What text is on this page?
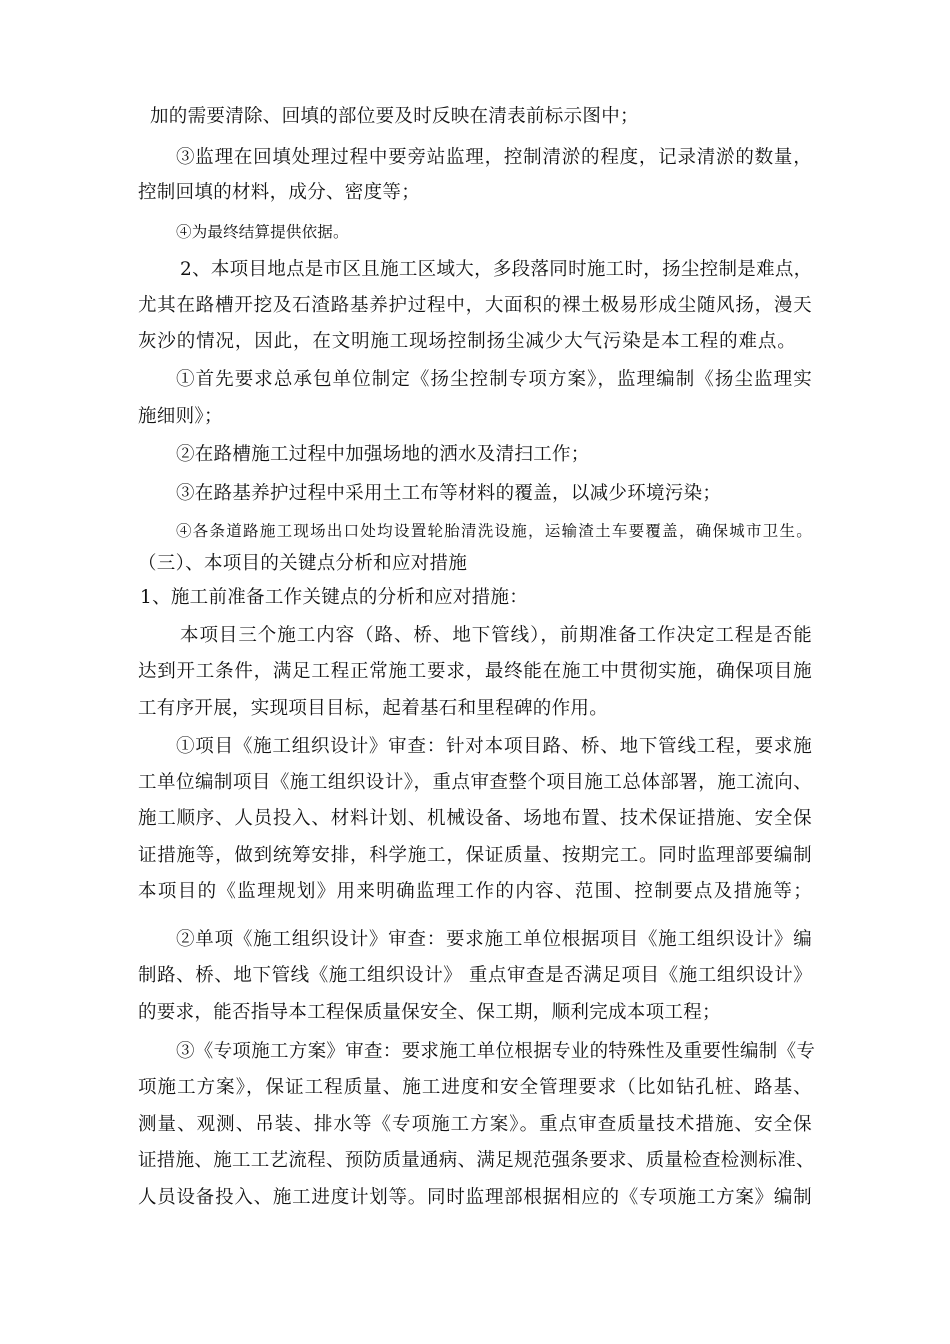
加的需要清除、回填的部位要及时反映在清表前标示图中；
③监理在回填处理过程中要旁站监理，控制清淤的程度，记录清淤的数量，
控制回填的材料，成分、密度等；
④为最终结算提供依据。
2、本项目地点是市区且施工区域大，多段落同时施工时，扬尘控制是难点，
尤其在路槽开挖及石渣路基养护过程中，大面积的裸土极易形成尘随风扬，漫天
灰沙的情况，因此，在文明施工现场控制扬尘减少大气污染是本工程的难点。
①首先要求总承包单位制定《扬尘控制专项方案》，监理编制《扬尘监理实
施细则》；
②在路槽施工过程中加强场地的洒水及清扫工作；
③在路基养护过程中采用土工布等材料的覆盖，以减少环境污染；
④各条道路施工现场出口处均设置轮胎清洗设施，运输渣土车要覆盖，确保城市卫生。
（三）、本项目的关键点分析和应对措施
1、施工前准备工作关键点的分析和应对措施：
本项目三个施工内容（路、桥、地下管线），前期准备工作决定工程是否能
达到开工条件，满足工程正常施工要求，最终能在施工中贯彻实施，确保项目施
工有序开展，实现项目目标，起着基石和里程碑的作用。
①项目《施工组织设计》审查：针对本项目路、桥、地下管线工程，要求施
工单位编制项目《施工组织设计》，重点审查整个项目施工总体部署，施工流向、
施工顺序、人员投入、材料计划、机械设备、场地布置、技术保证措施、安全保
证措施等，做到统筹安排，科学施工，保证质量、按期完工。同时监理部要编制
本项目的《监理规划》用来明确监理工作的内容、范围、控制要点及措施等；
②单项《施工组织设计》审查：要求施工单位根据项目《施工组织设计》编
制路、桥、地下管线《施工组织设计》 重点审查是否满足项目《施工组织设计》
的要求，能否指导本工程保质量保安全、保工期，顺利完成本项工程；
③《专项施工方案》审查：要求施工单位根据专业的特殊性及重要性编制《专
项施工方案》，保证工程质量、施工进度和安全管理要求（比如钻孔桩、路基、
测量、观测、吊装、排水等《专项施工方案》。重点审查质量技术措施、安全保
证措施、施工工艺流程、预防质量通病、满足规范强条要求、质量检查检测标准、
人员设备投入、施工进度计划等。同时监理部根据相应的《专项施工方案》编制
